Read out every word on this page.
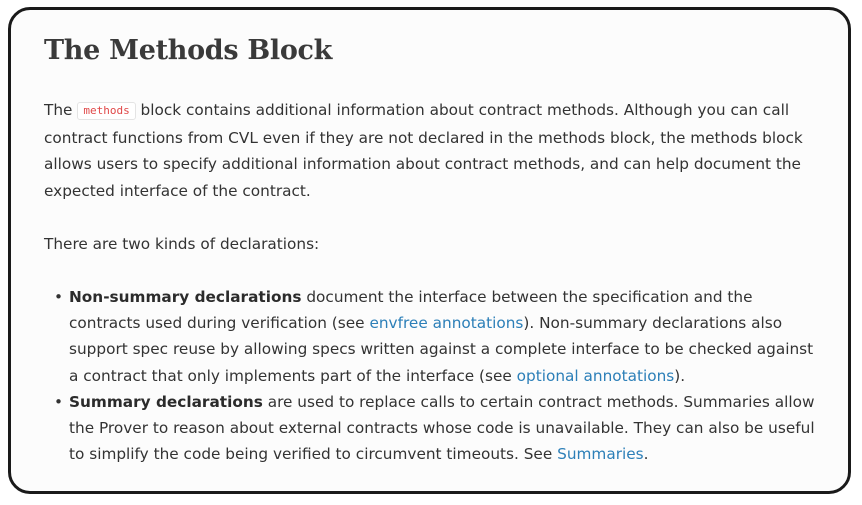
The Methods Block

The methods block contains additional information about contract methods. Although you can call contract functions from CVL even if they are not declared in the methods block, the methods block allows users to specify additional information about contract methods, and can help document the expected interface of the contract.

There are two kinds of declarations:

• Non-summary declarations document the interface between the specification and the contracts used during verification (see envfree annotations). Non-summary declarations also support spec reuse by allowing specs written against a complete interface to be checked against a contract that only implements part of the interface (see optional annotations).
• Summary declarations are used to replace calls to certain contract methods. Summaries allow the Prover to reason about external contracts whose code is unavailable. They can also be useful to simplify the code being verified to circumvent timeouts. See Summaries.
